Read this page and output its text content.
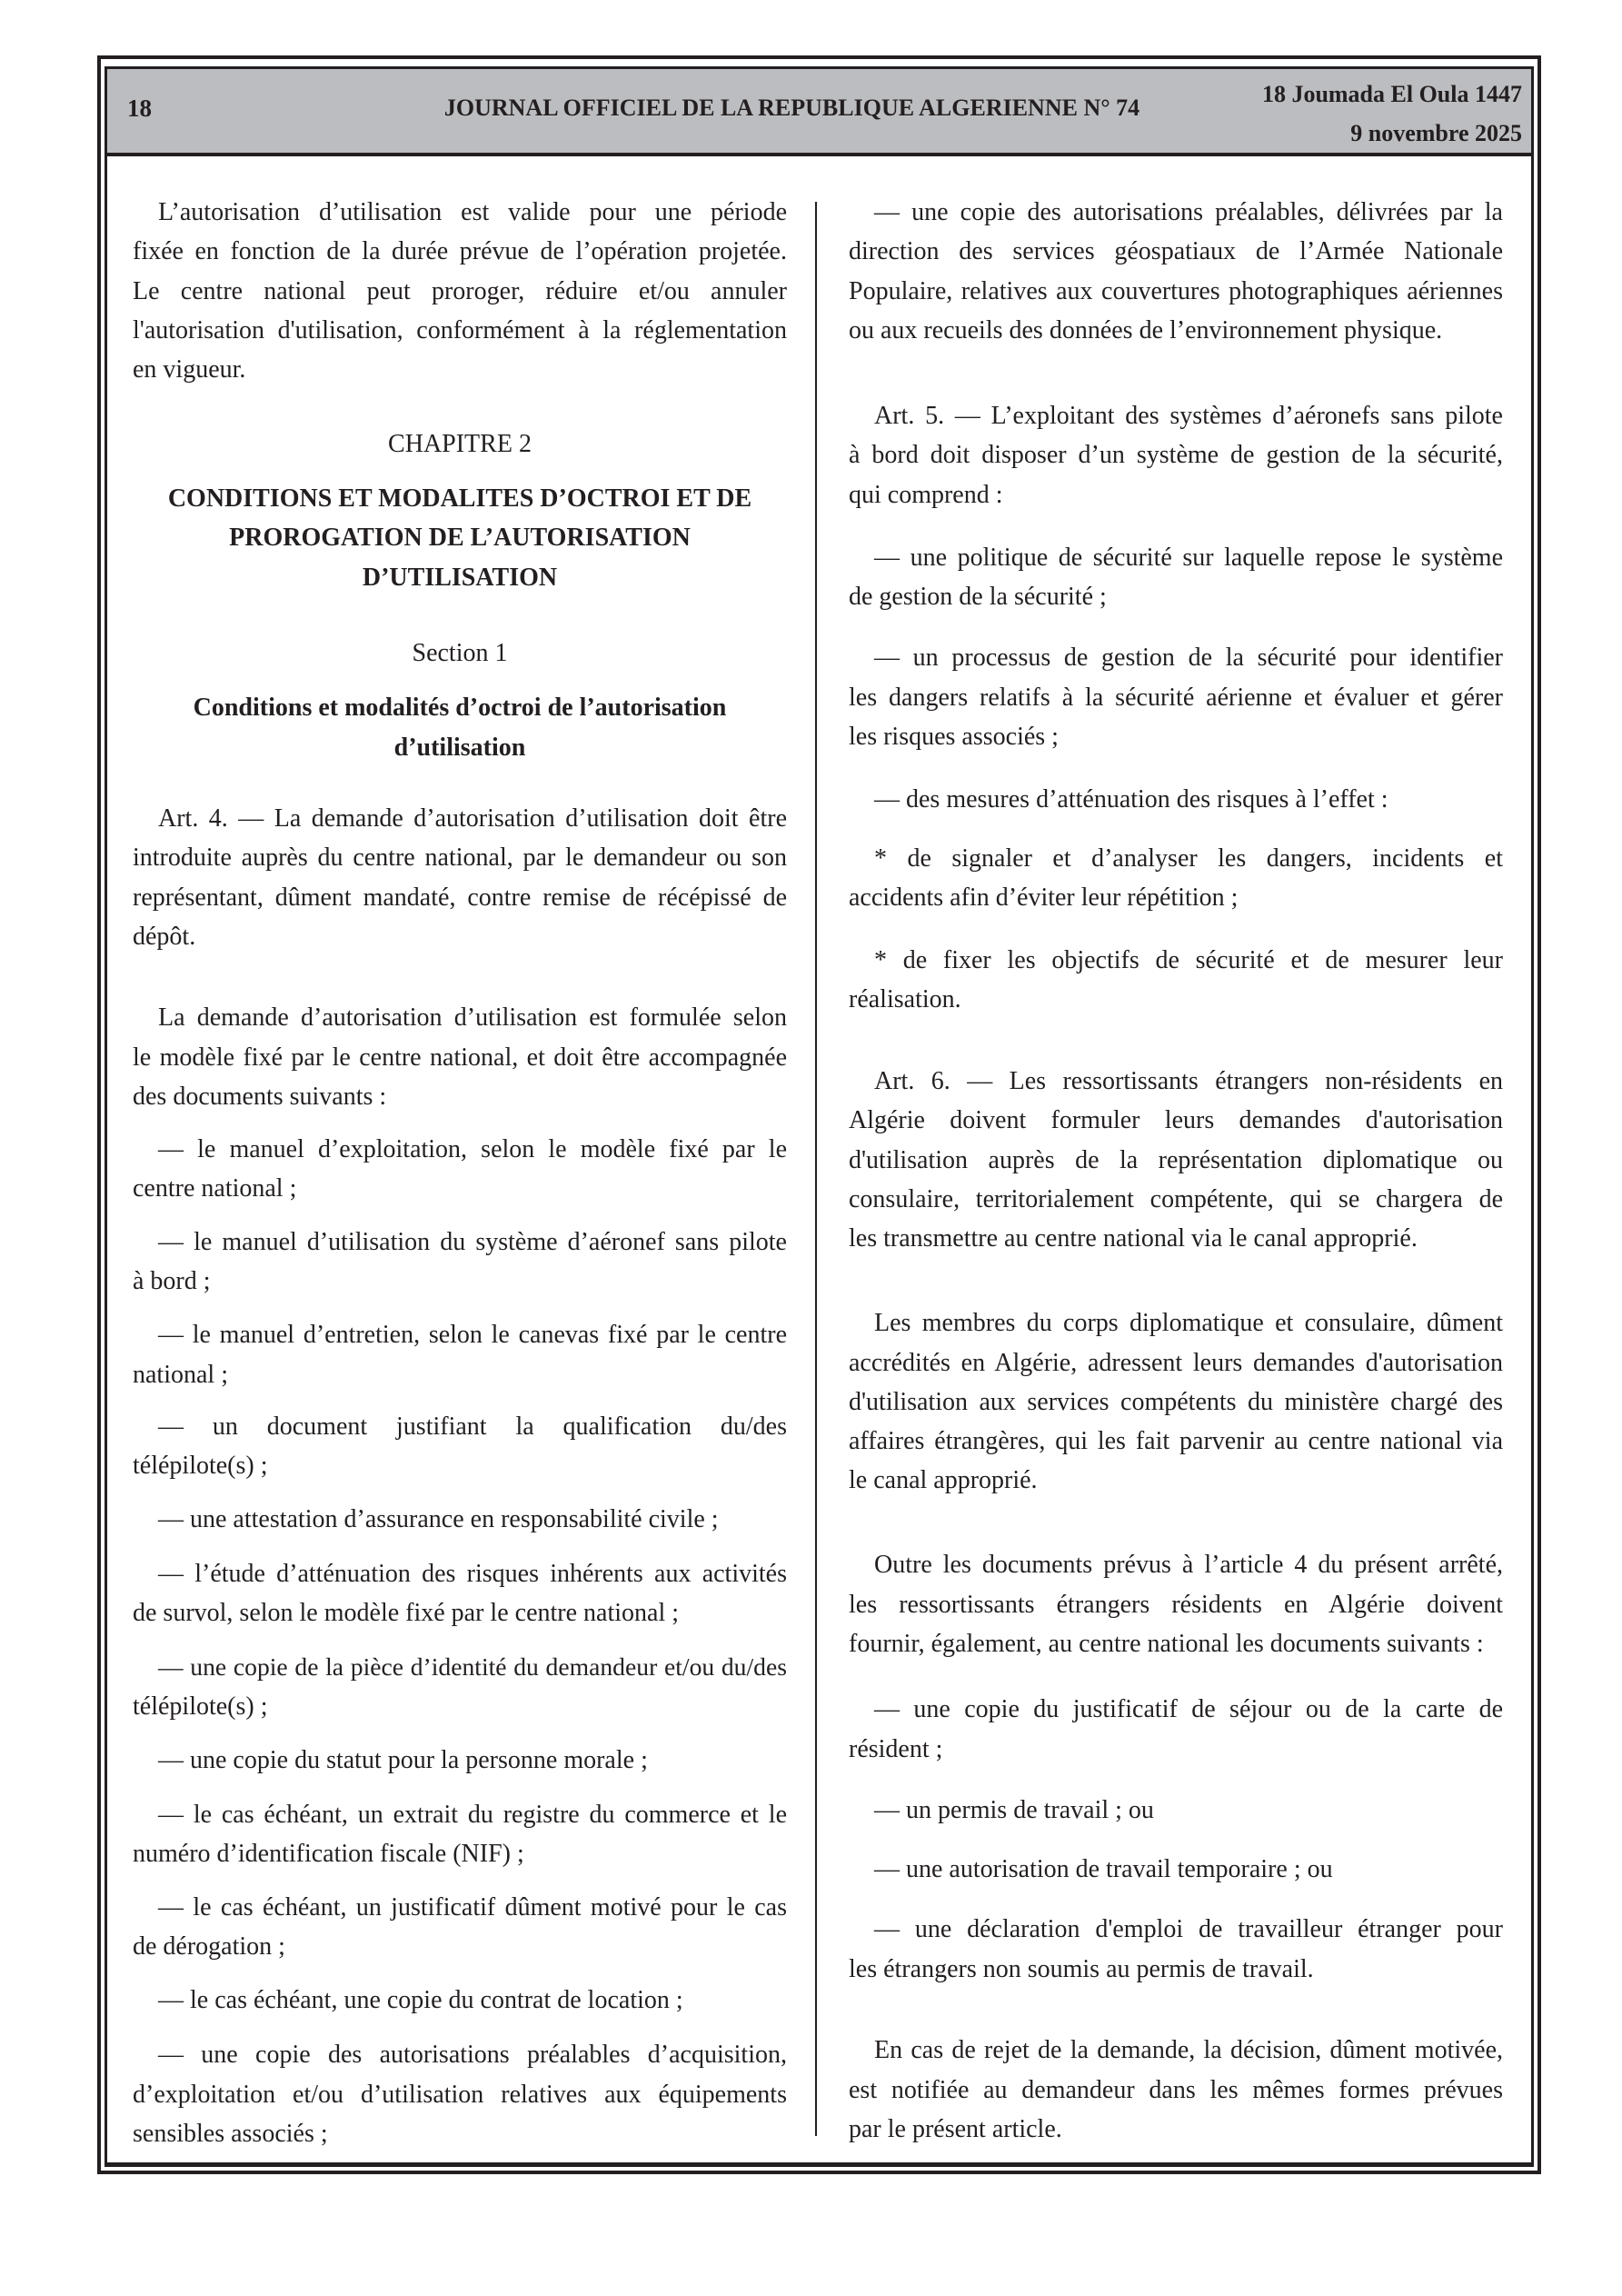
18	JOURNAL OFFICIEL DE LA REPUBLIQUE ALGERIENNE N° 74
18 Joumada El Oula 1447
9 novembre 2025
L’autorisation d’utilisation est valide pour une période
fixée en fonction de la durée prévue de l’opération projetée.
Le centre national peut proroger, réduire et/ou annuler
l'autorisation d'utilisation, conformément à la réglementation
en vigueur.
CHAPITRE 2
CONDITIONS ET MODALITES D’OCTROI ET DE
PROROGATION DE L’AUTORISATION
D’UTILISATION
Section 1
Conditions et modalités d’octroi de l’autorisation
d’utilisation
Art. 4. — La demande d’autorisation d’utilisation doit être
introduite auprès du centre national, par le demandeur ou son
représentant, dûment mandaté, contre remise de récépissé de
dépôt.
La demande d’autorisation d’utilisation est formulée selon
le modèle fixé par le centre national, et doit être accompagnée
des documents suivants :
— le manuel d’exploitation, selon le modèle fixé par le
centre national ;
— le manuel d’utilisation du système d’aéronef sans pilote
à bord ;
— le manuel d’entretien, selon le canevas fixé par le centre
national ;
— un document justifiant la qualification du/des
télépilote(s) ;
— une attestation d’assurance en responsabilité civile ;
— l’étude d’atténuation des risques inhérents aux activités
de survol, selon le modèle fixé par le centre national ;
— une copie de la pièce d’identité du demandeur et/ou du/des
télépilote(s) ;
— une copie du statut pour la personne morale ;
— le cas échéant, un extrait du registre du commerce et le
numéro d’identification fiscale (NIF) ;
— le cas échéant, un justificatif dûment motivé pour le cas
de dérogation ;
— le cas échéant, une copie du contrat de location ;
— une copie des autorisations préalables d’acquisition,
d’exploitation et/ou d’utilisation relatives aux équipements
sensibles associés ;
— une copie des autorisations préalables, délivrées par la
direction des services géospatiaux de l’Armée Nationale
Populaire, relatives aux couvertures photographiques aériennes
ou aux recueils des données de l’environnement physique.
Art. 5. — L’exploitant des systèmes d’aéronefs sans pilote
à bord doit disposer d’un système de gestion de la sécurité,
qui comprend :
— une politique de sécurité sur laquelle repose le système
de gestion de la sécurité ;
— un processus de gestion de la sécurité pour identifier
les dangers relatifs à la sécurité aérienne et évaluer et gérer
les risques associés ;
— des mesures d’atténuation des risques à l’effet :
* de signaler et d’analyser les dangers, incidents et
accidents afin d’éviter leur répétition ;
* de fixer les objectifs de sécurité et de mesurer leur
réalisation.
Art. 6. — Les ressortissants étrangers non-résidents en
Algérie doivent formuler leurs demandes d'autorisation
d'utilisation auprès de la représentation diplomatique ou
consulaire, territorialement compétente, qui se chargera de
les transmettre au centre national via le canal approprié.
Les membres du corps diplomatique et consulaire, dûment
accrédités en Algérie, adressent leurs demandes d'autorisation
d'utilisation aux services compétents du ministère chargé des
affaires étrangères, qui les fait parvenir au centre national via
le canal approprié.
Outre les documents prévus à l’article 4 du présent arrêté,
les ressortissants étrangers résidents en Algérie doivent
fournir, également, au centre national les documents suivants :
— une copie du justificatif de séjour ou de la carte de
résident ;
— un permis de travail ; ou
— une autorisation de travail temporaire ; ou
— une déclaration d'emploi de travailleur étranger pour
les étrangers non soumis au permis de travail.
En cas de rejet de la demande, la décision, dûment motivée,
est notifiée au demandeur dans les mêmes formes prévues
par le présent article.
